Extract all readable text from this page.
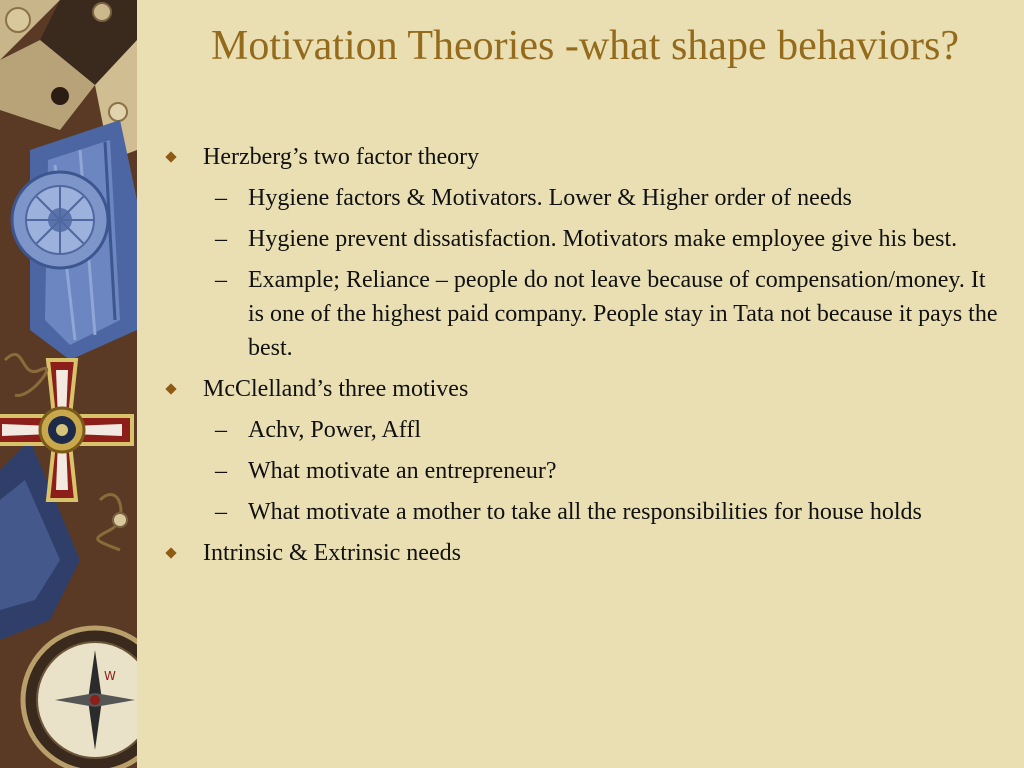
W
Motivation Theories -what shape behaviors?
Herzberg’s two factor theory
– Hygiene factors & Motivators. Lower & Higher order of needs
– Hygiene prevent dissatisfaction. Motivators make employee give his best.
– Example; Reliance – people do not leave because of compensation/money. It is one of the highest paid company. People stay in Tata not because it pays the best.
McClelland’s three motives
– Achv, Power, Affl
– What motivate an entrepreneur?
– What motivate a mother to take all the responsibilities for house holds
Intrinsic & Extrinsic needs
